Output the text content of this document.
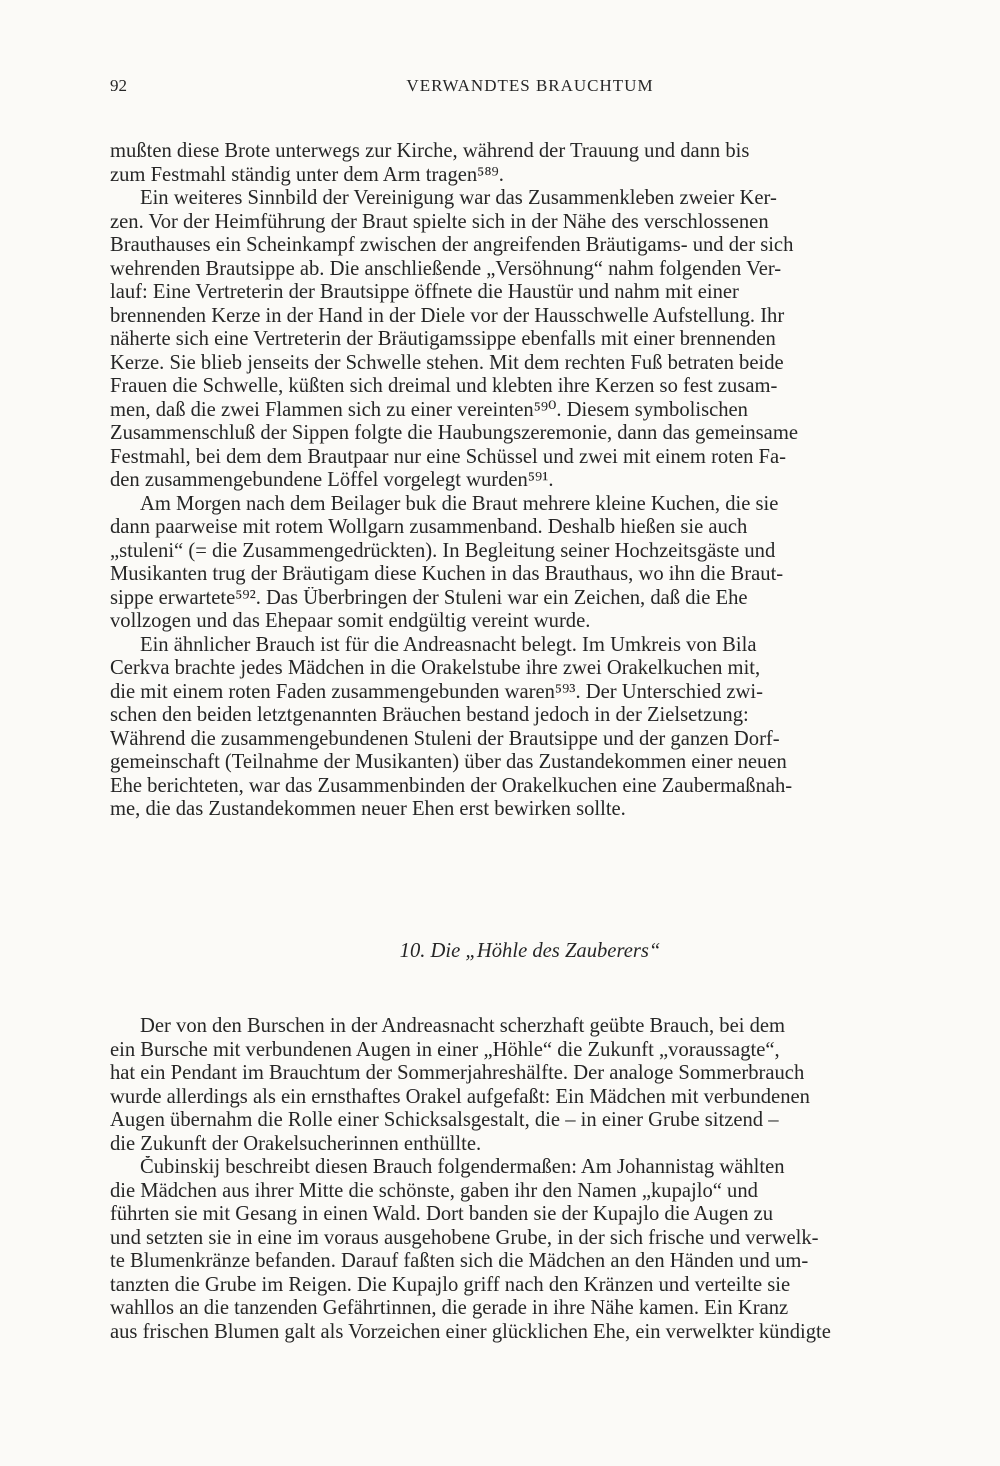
92	VERWANDTES BRAUCHTUM
mußten diese Brote unterwegs zur Kirche, während der Trauung und dann bis
zum Festmahl ständig unter dem Arm tragen⁵⁸⁹.
Ein weiteres Sinnbild der Vereinigung war das Zusammenkleben zweier Ker-
zen. Vor der Heimführung der Braut spielte sich in der Nähe des verschlossenen
Brauthauses ein Scheinkampf zwischen der angreifenden Bräutigams- und der sich
wehrenden Brautsippe ab. Die anschließende „Versöhnung“ nahm folgenden Ver-
lauf: Eine Vertreterin der Brautsippe öffnete die Haustür und nahm mit einer
brennenden Kerze in der Hand in der Diele vor der Hausschwelle Aufstellung. Ihr
näherte sich eine Vertreterin der Bräutigamssippe ebenfalls mit einer brennenden
Kerze. Sie blieb jenseits der Schwelle stehen. Mit dem rechten Fuß betraten beide
Frauen die Schwelle, küßten sich dreimal und klebten ihre Kerzen so fest zusam-
men, daß die zwei Flammen sich zu einer vereinten⁵⁹⁰. Diesem symbolischen
Zusammenschluß der Sippen folgte die Haubungszeremonie, dann das gemeinsame
Festmahl, bei dem dem Brautpaar nur eine Schüssel und zwei mit einem roten Fa-
den zusammengebundene Löffel vorgelegt wurden⁵⁹¹.
Am Morgen nach dem Beilager buk die Braut mehrere kleine Kuchen, die sie
dann paarweise mit rotem Wollgarn zusammenband. Deshalb hießen sie auch
„stuleni“ (= die Zusammengedrückten). In Begleitung seiner Hochzeitsgäste und
Musikanten trug der Bräutigam diese Kuchen in das Brauthaus, wo ihn die Braut-
sippe erwartete⁵⁹². Das Überbringen der Stuleni war ein Zeichen, daß die Ehe
vollzogen und das Ehepaar somit endgültig vereint wurde.
Ein ähnlicher Brauch ist für die Andreasnacht belegt. Im Umkreis von Bila
Cerkva brachte jedes Mädchen in die Orakelstube ihre zwei Orakelkuchen mit,
die mit einem roten Faden zusammengebunden waren⁵⁹³. Der Unterschied zwi-
schen den beiden letztgenannten Bräuchen bestand jedoch in der Zielsetzung:
Während die zusammengebundenen Stuleni der Brautsippe und der ganzen Dorf-
gemeinschaft (Teilnahme der Musikanten) über das Zustandekommen einer neuen
Ehe berichteten, war das Zusammenbinden der Orakelkuchen eine Zaubermaßnah-
me, die das Zustandekommen neuer Ehen erst bewirken sollte.
10. Die „Höhle des Zauberers“
Der von den Burschen in der Andreasnacht scherzhaft geübte Brauch, bei dem
ein Bursche mit verbundenen Augen in einer „Höhle“ die Zukunft „voraussagte“,
hat ein Pendant im Brauchtum der Sommerjahreshälfte. Der analoge Sommerbrauch
wurde allerdings als ein ernsthaftes Orakel aufgefaßt: Ein Mädchen mit verbundenen
Augen übernahm die Rolle einer Schicksalsgestalt, die – in einer Grube sitzend –
die Zukunft der Orakelsucherinnen enthüllte.
Čubinskij beschreibt diesen Brauch folgendermaßen: Am Johannistag wählten
die Mädchen aus ihrer Mitte die schönste, gaben ihr den Namen „kupajlo“ und
führten sie mit Gesang in einen Wald. Dort banden sie der Kupajlo die Augen zu
und setzten sie in eine im voraus ausgehobene Grube, in der sich frische und verwelk-
te Blumenkränze befanden. Darauf faßten sich die Mädchen an den Händen und um-
tanzten die Grube im Reigen. Die Kupajlo griff nach den Kränzen und verteilte sie
wahllos an die tanzenden Gefährtinnen, die gerade in ihre Nähe kamen. Ein Kranz
aus frischen Blumen galt als Vorzeichen einer glücklichen Ehe, ein verwelkter kündigte
